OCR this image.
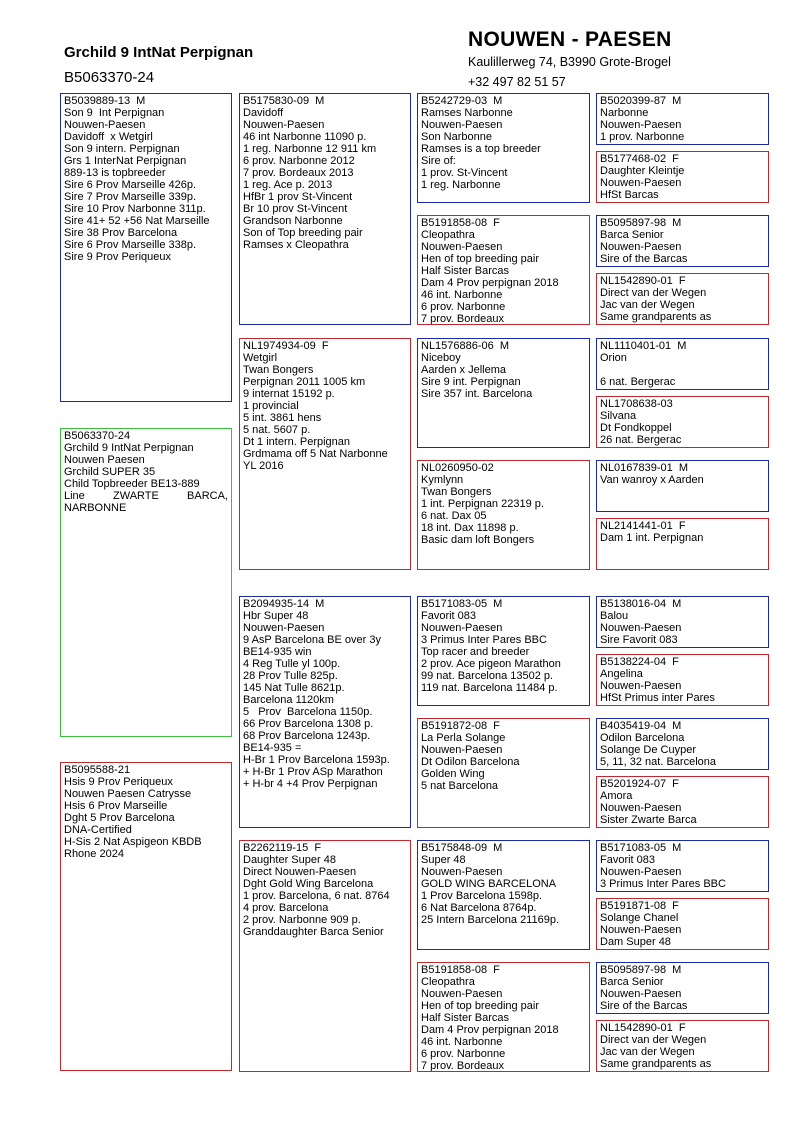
Grchild 9 IntNat Perpignan
B5063370-24
NOUWEN - PAESEN
Kaulillerweg 74, B3990 Grote-Brogel
+32 497 82 51 57
B5039889-13  M
Son 9  Int Perpignan
Nouwen-Paesen
Davidoff  x Wetgirl
Son 9 intern. Perpignan
Grs 1 InterNat Perpignan
889-13 is topbreeder
Sire 6 Prov Marseille 426p.
Sire 7 Prov Marseille 339p.
Sire 10 Prov Narbonne 311p.
Sire 41+ 52 +56 Nat Marseille
Sire 38 Prov Barcelona
Sire 6 Prov Marseille 338p.
Sire 9 Prov Periqueux
B5063370-24
Grchild 9 IntNat Perpignan
Nouwen Paesen
Grchild SUPER 35
Child Topbreeder BE13-889
Line ZWARTE BARCA,
NARBONNE
B5095588-21
Hsis 9 Prov Periqueux
Nouwen Paesen Catrysse
Hsis 6 Prov Marseille
Dght 5 Prov Barcelona
DNA-Certified
H-Sis 2 Nat Aspigeon KBDB
Rhone 2024
B5175830-09  M
Davidoff
Nouwen-Paesen
46 int Narbonne 11090 p.
1 reg. Narbonne 12 911 km
6 prov. Narbonne 2012
7 prov. Bordeaux 2013
1 reg. Ace p. 2013
HfBr 1 prov St-Vincent
Br 10 prov St-Vincent
Grandson Narbonne
Son of Top breeding pair
Ramses x Cleopathra
NL1974934-09  F
Wetgirl
Twan Bongers
Perpignan 2011 1005 km
9 internat 15192 p.
1 provincial
5 int. 3861 hens
5 nat. 5607 p.
Dt 1 intern. Perpignan
Grdmama off 5 Nat Narbonne
YL 2016
B2094935-14  M
Hbr Super 48
Nouwen-Paesen
9 AsP Barcelona BE over 3y
BE14-935 win
4 Reg Tulle yl 100p.
28 Prov Tulle 825p.
145 Nat Tulle 8621p.
Barcelona 1120km
5   Prov  Barcelona 1150p.
66 Prov Barcelona 1308 p.
68 Prov Barcelona 1243p.
BE14-935 =
H-Br 1 Prov Barcelona 1593p.
+ H-Br 1 Prov ASp Marathon
+ H-br 4 +4 Prov Perpignan
B2262119-15  F
Daughter Super 48
Direct Nouwen-Paesen
Dght Gold Wing Barcelona
1 prov. Barcelona, 6 nat. 8764
4 prov. Barcelona
2 prov. Narbonne 909 p.
Granddaughter Barca Senior
B5242729-03  M
Ramses Narbonne
Nouwen-Paesen
Son Narbonne
Ramses is a top breeder
Sire of:
1 prov. St-Vincent
1 reg. Narbonne
B5191858-08  F
Cleopathra
Nouwen-Paesen
Hen of top breeding pair
Half Sister Barcas
Dam 4 Prov perpignan 2018
46 int. Narbonne
6 prov. Narbonne
7 prov. Bordeaux
NL1576886-06  M
Niceboy
Aarden x Jellema
Sire 9 int. Perpignan
Sire 357 int. Barcelona
NL0260950-02
Kymlynn
Twan Bongers
1 int. Perpignan 22319 p.
6 nat. Dax 05
18 int. Dax 11898 p.
Basic dam loft Bongers
B5171083-05  M
Favorit 083
Nouwen-Paesen
3 Primus Inter Pares BBC
Top racer and breeder
2 prov. Ace pigeon Marathon
99 nat. Barcelona 13502 p.
119 nat. Barcelona 11484 p.
B5191872-08  F
La Perla Solange
Nouwen-Paesen
Dt Odilon Barcelona
Golden Wing
5 nat Barcelona
B5175848-09  M
Super 48
Nouwen-Paesen
GOLD WING BARCELONA
1 Prov Barcelona 1598p.
6 Nat Barcelona 8764p.
25 Intern Barcelona 21169p.
B5191858-08  F
Cleopathra
Nouwen-Paesen
Hen of top breeding pair
Half Sister Barcas
Dam 4 Prov perpignan 2018
46 int. Narbonne
6 prov. Narbonne
7 prov. Bordeaux
B5020399-87  M
Narbonne
Nouwen-Paesen
1 prov. Narbonne
B5177468-02  F
Daughter Kleintje
Nouwen-Paesen
HfSt Barcas
B5095897-98  M
Barca Senior
Nouwen-Paesen
Sire of the Barcas
NL1542890-01  F
Direct van der Wegen
Jac van der Wegen
Same grandparents as
NL1110401-01  M
Orion
6 nat. Bergerac
NL1708638-03
Silvana
Dt Fondkoppel
26 nat. Bergerac
NL0167839-01  M
Van wanroy x Aarden
NL2141441-01  F
Dam 1 int. Perpignan
B5138016-04  M
Balou
Nouwen-Paesen
Sire Favorit 083
B5138224-04  F
Angelina
Nouwen-Paesen
HfSt Primus inter Pares
B4035419-04  M
Odilon Barcelona
Solange De Cuyper
5, 11, 32 nat. Barcelona
B5201924-07  F
Amora
Nouwen-Paesen
Sister Zwarte Barca
B5171083-05  M
Favorit 083
Nouwen-Paesen
3 Primus Inter Pares BBC
B5191871-08  F
Solange Chanel
Nouwen-Paesen
Dam Super 48
B5095897-98  M
Barca Senior
Nouwen-Paesen
Sire of the Barcas
NL1542890-01  F
Direct van der Wegen
Jac van der Wegen
Same grandparents as
